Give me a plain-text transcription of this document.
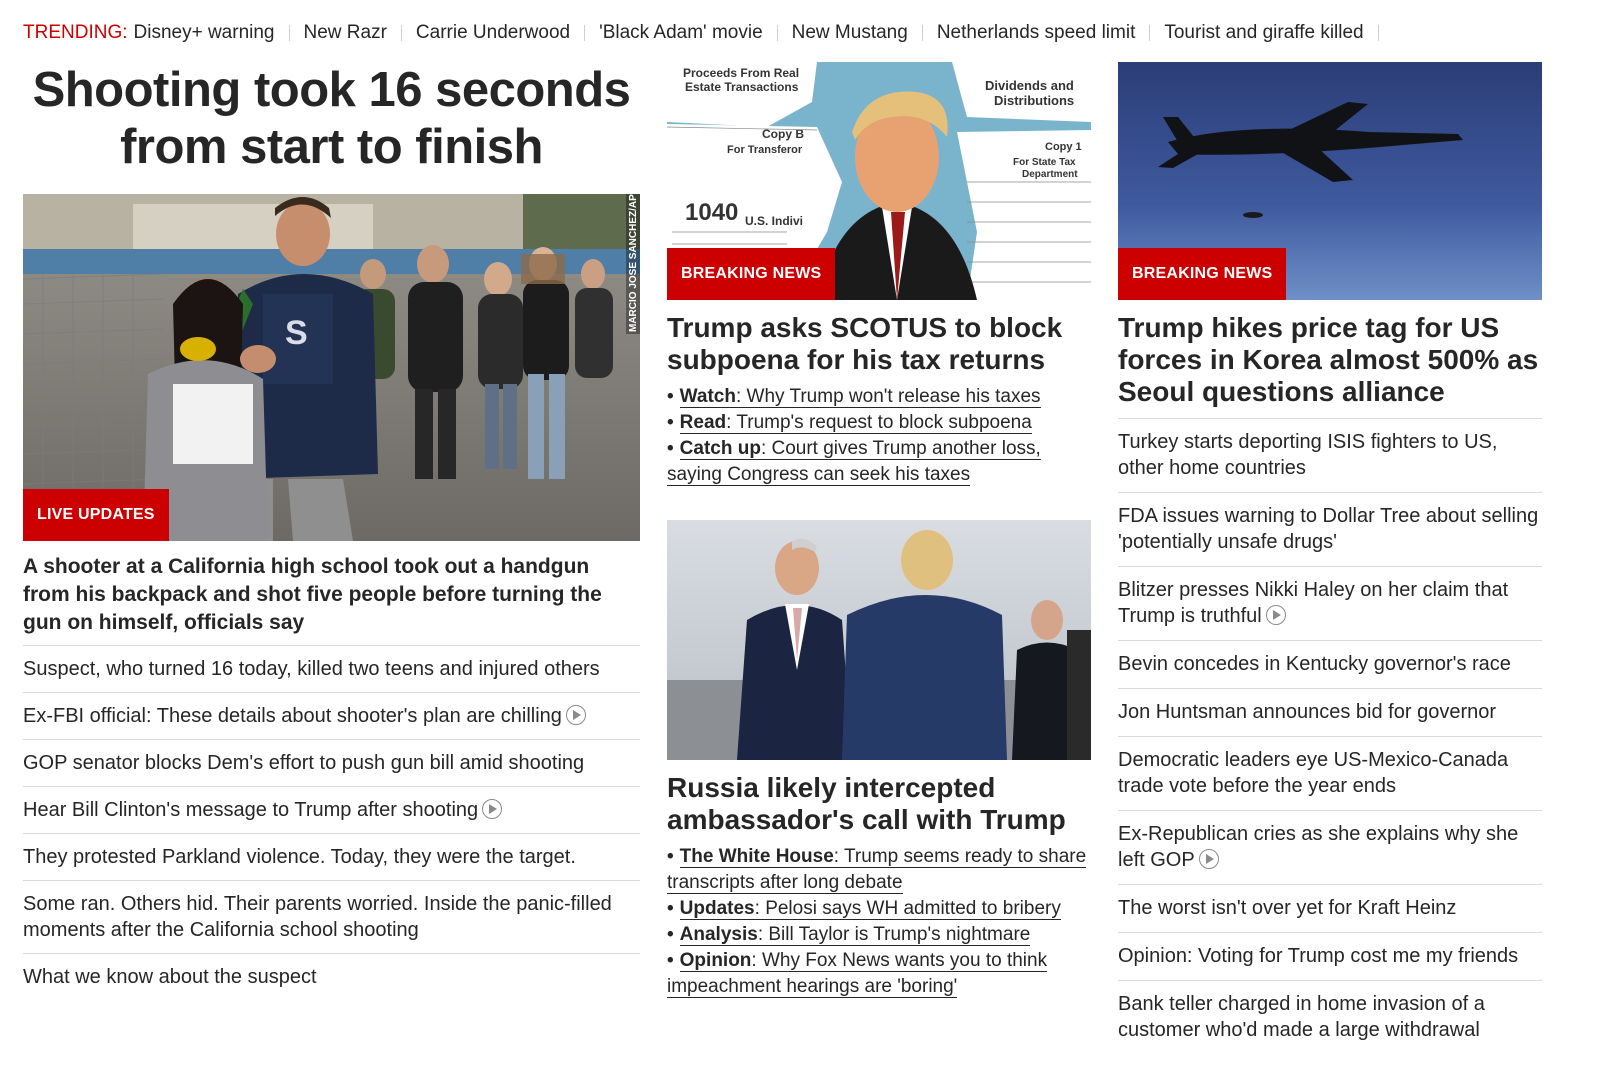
TRENDING: Disney+ warning New Razr Carrie Underwood 'Black Adam' movie New Mustang Netherlands speed limit Tourist and giraffe killed
Shooting took 16 seconds from start to finish
S
MARCIO JOSE SANCHEZ/AP
LIVE UPDATES

A shooter at a California high school took out a handgun from his backpack and shot five people before turning the gun on himself, officials say

Suspect, who turned 16 today, killed two teens and injured others
Ex-FBI official: These details about shooter's plan are chilling
GOP senator blocks Dem's effort to push gun bill amid shooting
Hear Bill Clinton's message to Trump after shooting
They protested Parkland violence. Today, they were the target.
Some ran. Others hid. Their parents worried. Inside the panic-filled moments after the California school shooting
What we know about the suspect
Proceeds From Real
Estate Transactions	Dividends and
Distributions
Copy B
For Transferor	Copy 1
For State Tax
Department
1040 U.S. Indivi
BREAKING NEWS
Trump asks SCOTUS to block subpoena for his tax returns
• Watch: Why Trump won't release his taxes
• Read: Trump's request to block subpoena
• Catch up: Court gives Trump another loss, saying Congress can seek his taxes
Russia likely intercepted ambassador's call with Trump
• The White House: Trump seems ready to share transcripts after long debate
• Updates: Pelosi says WH admitted to bribery
• Analysis: Bill Taylor is Trump's nightmare
• Opinion: Why Fox News wants you to think impeachment hearings are 'boring'
BREAKING NEWS
Trump hikes price tag for US forces in Korea almost 500% as Seoul questions alliance
Turkey starts deporting ISIS fighters to US, other home countries
FDA issues warning to Dollar Tree about selling 'potentially unsafe drugs'
Blitzer presses Nikki Haley on her claim that Trump is truthful
Bevin concedes in Kentucky governor's race
Jon Huntsman announces bid for governor
Democratic leaders eye US-Mexico-Canada trade vote before the year ends
Ex-Republican cries as she explains why she left GOP
The worst isn't over yet for Kraft Heinz
Opinion: Voting for Trump cost me my friends
Bank teller charged in home invasion of a customer who'd made a large withdrawal
